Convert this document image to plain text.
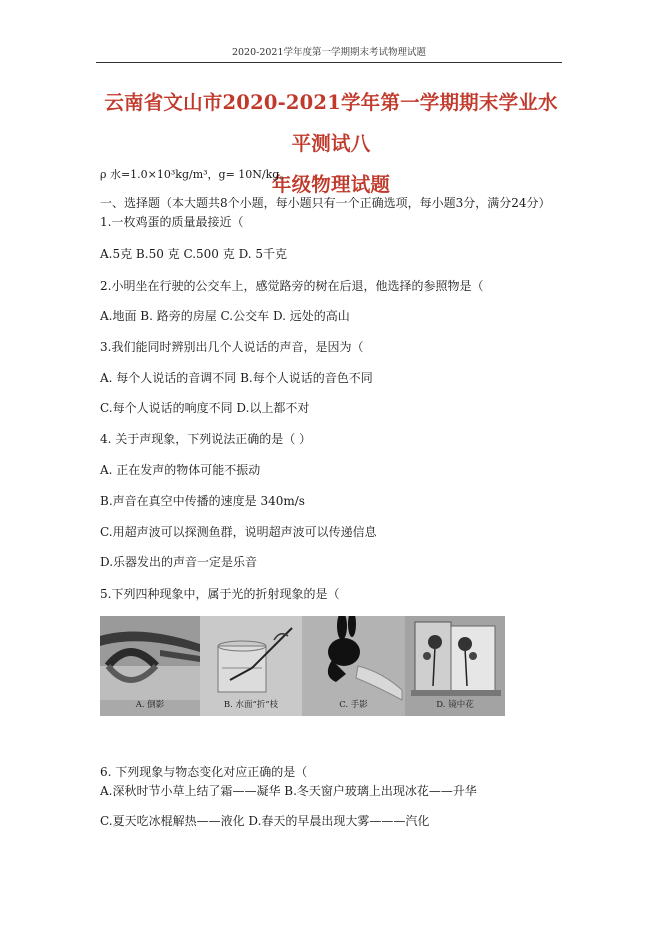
2020-2021学年度第一学期期末考试物理试题
云南省文山市2020-2021学年第一学期期末学业水平测试八
年级物理试题
ρ 水=1.0×10³kg/m³，g= 10N/kg。
一、选择题（本大题共8个小题，每小题只有一个正确选项，每小题3分，满分24分）
1.一枚鸡蛋的质量最接近（
A.5克 B.50 克 C.500 克 D. 5千克
2.小明坐在行驶的公交车上，感觉路旁的树在后退，他选择的参照物是（
A.地面 B. 路旁的房屋 C.公交车 D. 远处的高山
3.我们能同时辨别出几个人说话的声音，是因为（
A. 每个人说话的音调不同 B.每个人说话的音色不同
C.每个人说话的响度不同 D.以上都不对
4. 关于声现象，下列说法正确的是（ ）
A. 正在发声的物体可能不振动
B.声音在真空中传播的速度是 340m/s
C.用超声波可以探测鱼群，说明超声波可以传递信息
D.乐器发出的声音一定是乐音
5.下列四种现象中，属于光的折射现象的是（
A. 倒影	B. 水面“折”枝	C. 手影	D. 镜中花
6. 下列现象与物态变化对应正确的是（
A.深秋时节小草上结了霜——凝华 B.冬天窗户玻璃上出现冰花——升华
C.夏天吃冰棍解热——液化 D.春天的早晨出现大雾———汽化
